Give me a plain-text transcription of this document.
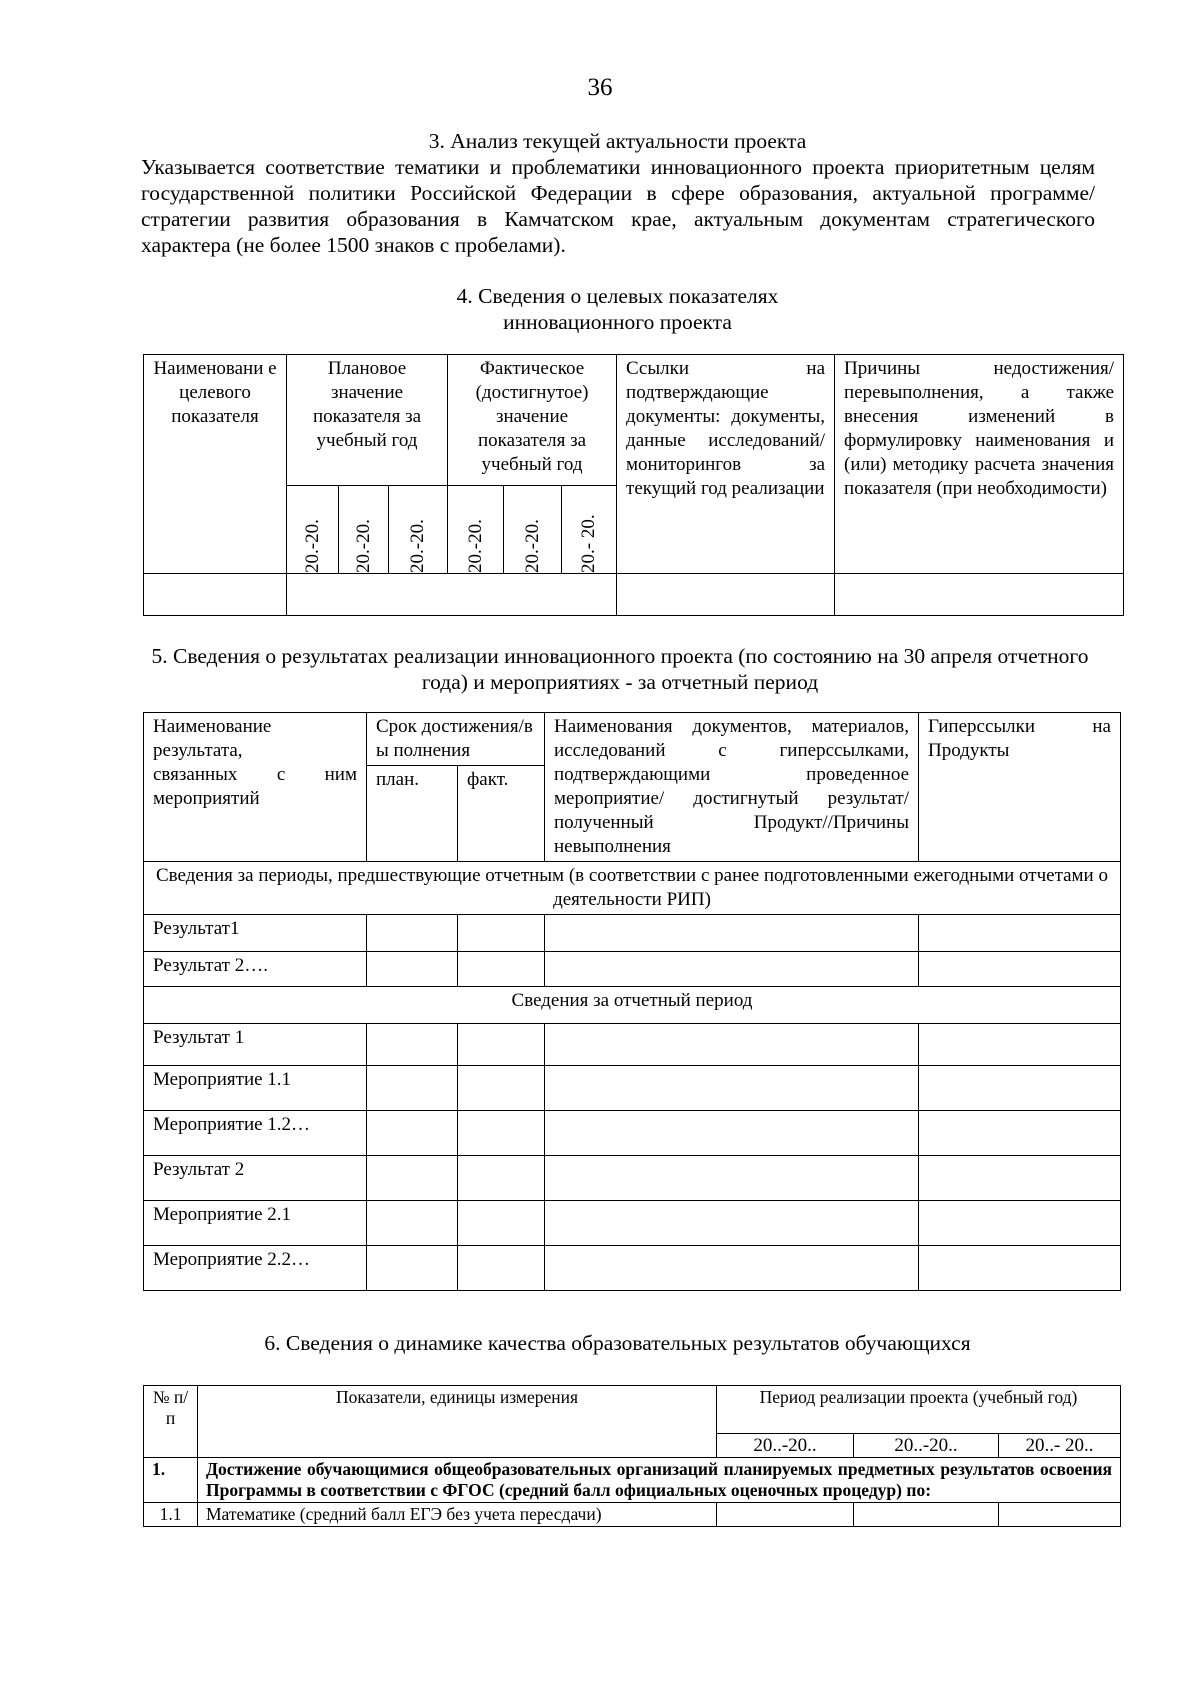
36
3. Анализ текущей актуальности проекта
Указывается соответствие тематики и проблематики инновационного проекта приоритетным целям государственной политики Российской Федерации в сфере образования, актуальной программе/стратегии развития образования в Камчатском крае, актуальным документам стратегического характера (не более 1500 знаков с пробелами).
4. Сведения о целевых показателях
инновационного проекта
Наименовани е целевого показателя	Плановое значение показателя за учебный год			Фактическое (достигнутое) значение показателя за учебный год			Ссылки на подтверждающие документы: документы, данные исследований/ мониторингов за текущий год реализации	Причины недостижения/ перевыполнения, а также внесения изменений в формулировку наименования и (или) методику расчета значения показателя (при необходимости)

	20.-20.	20.-20.	20.-20.	20.-20.	20.-20.	20.- 20.		

5. Сведения о результатах реализации инновационного проекта (по состоянию на 30 апреля отчетного года) и мероприятиях - за отчетный период
Наименование
результата,
связанных с ним
мероприятий	Срок достижения/вы полнения		Наименования документов, материалов, исследований с гиперссылками, подтверждающими проведенное мероприятие/ достигнутый результат/полученный Продукт//Причины невыполнения	Гиперссылки на Продукты
	план.	факт.		
Сведения за периоды, предшествующие отчетным (в соответствии с ранее подготовленными ежегодными отчетами о деятельности РИП)				
Результат1				
Результат 2….				
Сведения за отчетный период				
Результат 1				
Мероприятие 1.1				
Мероприятие 1.2…				
Результат 2				
Мероприятие 2.1				
Мероприятие 2.2…				
6. Сведения о динамике качества образовательных результатов обучающихся
№ п/п	Показатели, единицы измерения	Период реализации проекта (учебный год)		
		20..-20..	20..-20..	20..- 20..
1.	Достижение обучающимися общеобразовательных организаций планируемых предметных результатов освоения Программы в соответствии с ФГОС (средний балл официальных оценочных процедур) по:			
1.1	Математике (средний балл ЕГЭ без учета пересдачи)			
